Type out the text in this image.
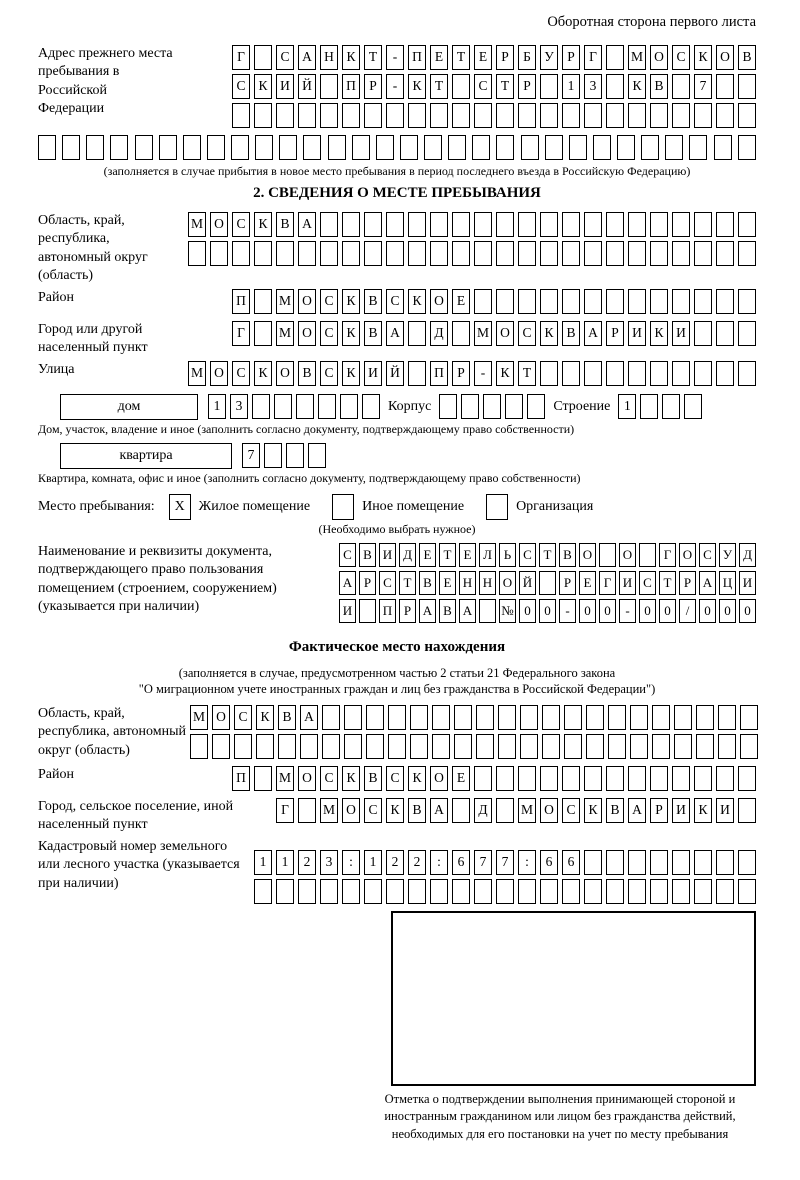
Оборотная сторона первого листа
Адрес прежнего места пребывания в Российской Федерации
Г	С А Н К Т	-	П Е	Т	Е	Р	Б У Р	Г	М О С К О В
С К И Й	П Р	-	К Т	С Т	Р	1	3	К В	7
(заполняется в случае прибытия в новое место пребывания в период последнего въезда в Российскую Федерацию)
2. СВЕДЕНИЯ О МЕСТЕ ПРЕБЫВАНИЯ
Область, край, республика, автономный округ (область)
М О С К В А
Район	П	М О С К В С К О Е
Город или другой населенный пункт
Г	М О С К В А	Д	М О С К В А Р И К И
Улица	М О С К О В С К И Й	П Р	-	К Т
дом	1	3	Корпус	Строение	1
Дом, участок, владение и иное (заполнить согласно документу, подтверждающему право собственности)
квартира	7
Квартира, комната, офис и иное (заполнить согласно документу, подтверждающему право собственности)
Место пребывания:	X Жилое помещение	Иное помещение	Организация
(Необходимо выбрать нужное)
Наименование и реквизиты документа, подтверждающего право пользования помещением (строением, сооружением) (указывается при наличии)
С В И Д Е Т Е Л Ь С Т В О О	Г О С У Д
А Р С Т В Е Н Н О Й	Р Е Г И С Т Р А Ц И
И П Р А В А № 0	0	-	0	0	-	0	0	/	0	0	0
Фактическое место нахождения
(заполняется в случае, предусмотренном частью 2 статьи 21 Федерального закона
"О миграционном учете иностранных граждан и лиц без гражданства в Российской Федерации")
Область, край, республика, автономный округ (область)
М О С К В А
Район	П	М О С К В С К О Е
Город, сельское поселение, иной населенный пункт
Г	М О С К В А	Д	М О С К В А Р И К И
Кадастровый номер земельного или лесного участка (указывается при наличии)
1	1	2	3	:	1	2	2	:	6	7	7	:	6	6
Отметка о подтверждении выполнения принимающей стороной и иностранным гражданином или лицом без гражданства действий, необходимых для его постановки на учет по месту пребывания
